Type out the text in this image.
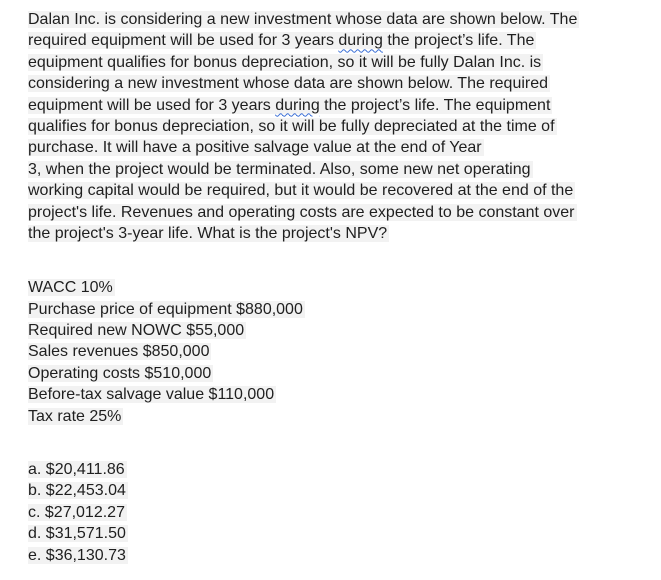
Dalan Inc. is considering a new investment whose data are shown below. The
required equipment will be used for 3 years during the project’s life. The
equipment qualifies for bonus depreciation, so it will be fully Dalan Inc. is
considering a new investment whose data are shown below. The required
equipment will be used for 3 years during the project’s life. The equipment
qualifies for bonus depreciation, so it will be fully depreciated at the time of
purchase. It will have a positive salvage value at the end of Year
3, when the project would be terminated. Also, some new net operating
working capital would be required, but it would be recovered at the end of the
project's life. Revenues and operating costs are expected to be constant over
the project's 3-year life. What is the project's NPV?
WACC 10%
Purchase price of equipment $880,000
Required new NOWC $55,000
Sales revenues $850,000
Operating costs $510,000
Before-tax salvage value $110,000
Tax rate 25%
a. $20,411.86
b. $22,453.04
c. $27,012.27
d. $31,571.50
e. $36,130.73
